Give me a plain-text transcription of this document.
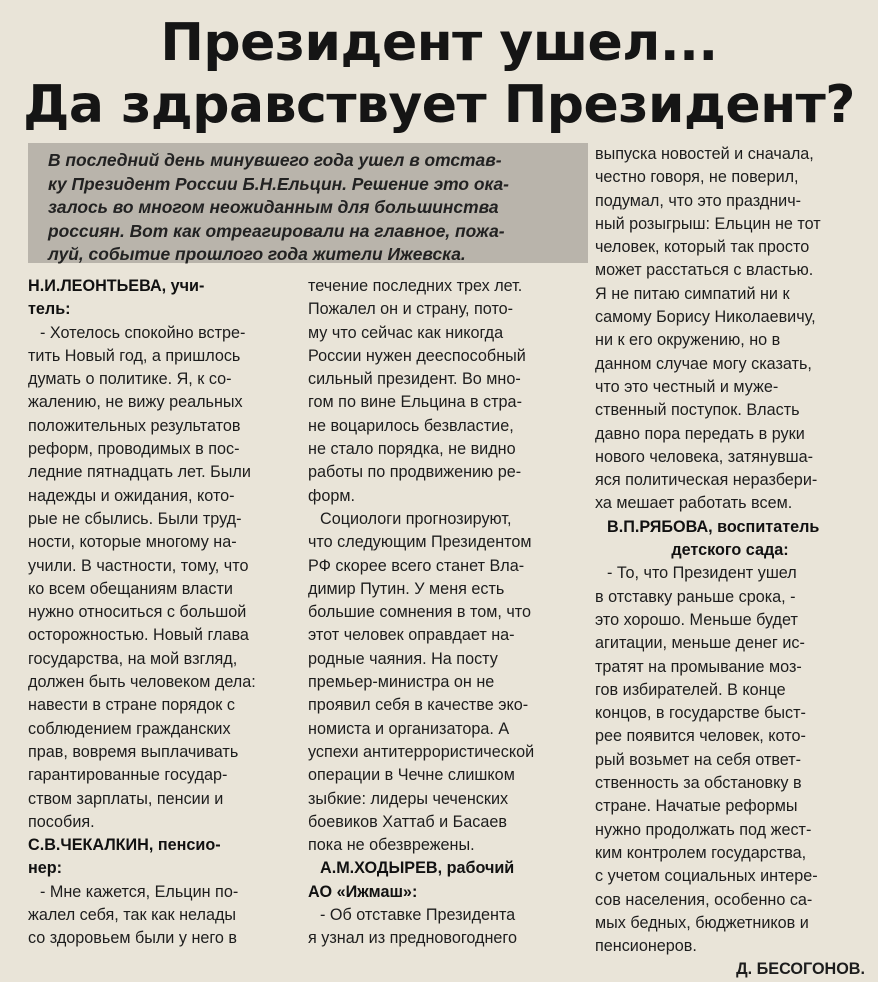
Президент ушел...
Да здравствует Президент?
В последний день минувшего года ушел в отстав-
ку Президент России Б.Н.Ельцин. Решение это ока-
залось во многом неожиданным для большинства
россиян. Вот как отреагировали на главное, пожа-
луй, событие прошлого года жители Ижевска.
Н.И.ЛЕОНТЬЕВА, учи-
тель:
- Хотелось спокойно встре-
тить Новый год, а пришлось
думать о политике. Я, к со-
жалению, не вижу реальных
положительных результатов
реформ, проводимых в пос-
ледние пятнадцать лет. Были
надежды и ожидания, кото-
рые не сбылись. Были труд-
ности, которые многому на-
учили. В частности, тому, что
ко всем обещаниям власти
нужно относиться с большой
осторожностью. Новый глава
государства, на мой взгляд,
должен быть человеком дела:
навести в стране порядок с
соблюдением гражданских
прав, вовремя выплачивать
гарантированные государ-
ством зарплаты, пенсии и
пособия.
С.В.ЧЕКАЛКИН, пенсио-
нер:
- Мне кажется, Ельцин по-
жалел себя, так как нелады
со здоровьем были у него в
течение последних трех лет.
Пожалел он и страну, пото-
му что сейчас как никогда
России нужен дееспособный
сильный президент. Во мно-
гом по вине Ельцина в стра-
не воцарилось безвластие,
не стало порядка, не видно
работы по продвижению ре-
форм.
Социологи прогнозируют,
что следующим Президентом
РФ скорее всего станет Вла-
димир Путин. У меня есть
большие сомнения в том, что
этот человек оправдает на-
родные чаяния. На посту
премьер-министра он не
проявил себя в качестве эко-
номиста и организатора. А
успехи антитеррористической
операции в Чечне слишком
зыбкие: лидеры чеченских
боевиков Хаттаб и Басаев
пока не обезврежены.
А.М.ХОДЫРЕВ, рабочий
АО «Ижмаш»:
- Об отставке Президента
я узнал из предновогоднего
выпуска новостей и сначала,
честно говоря, не поверил,
подумал, что это празднич-
ный розыгрыш: Ельцин не тот
человек, который так просто
может расстаться с властью.
Я не питаю симпатий ни к
самому Борису Николаевичу,
ни к его окружению, но в
данном случае могу сказать,
что это честный и муже-
ственный поступок. Власть
давно пора передать в руки
нового человека, затянувша-
яся политическая неразбери-
ха мешает работать всем.
В.П.РЯБОВА, воспитатель
детского сада:
- То, что Президент ушел
в отставку раньше срока, -
это хорошо. Меньше будет
агитации, меньше денег ис-
тратят на промывание моз-
гов избирателей. В конце
концов, в государстве быст-
рее появится человек, кото-
рый возьмет на себя ответ-
ственность за обстановку в
стране. Начатые реформы
нужно продолжать под жест-
ким контролем государства,
с учетом социальных интере-
сов населения, особенно са-
мых бедных, бюджетников и
пенсионеров.
Д. БЕСОГОНОВ.
